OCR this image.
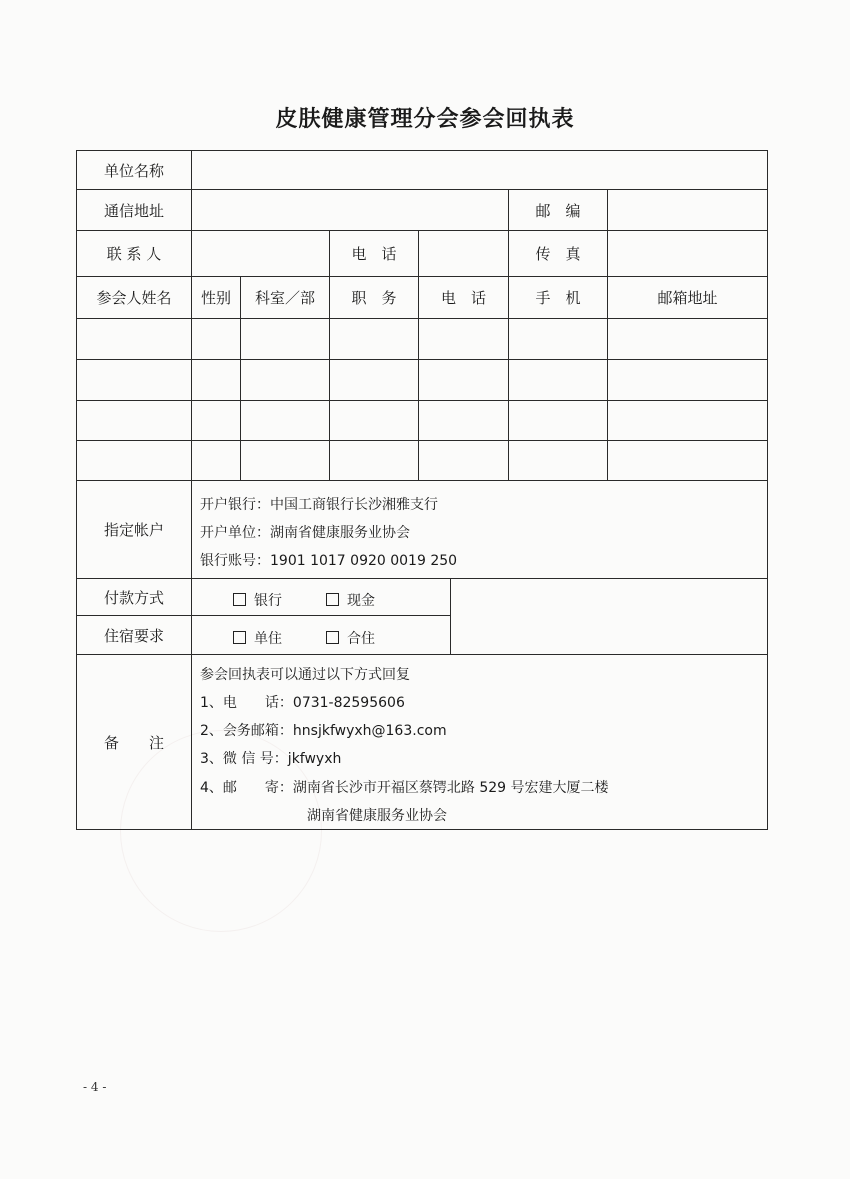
皮肤健康管理分会参会回执表
单位名称
通信地址	邮　编
联 系 人	电　话	传　真
参会人姓名	性别	科室／部	职　务	电　话	手　机	邮箱地址
指定帐户
开户银行：中国工商银行长沙湘雅支行
开户单位：湖南省健康服务业协会
银行账号：1901 1017 0920 0019 250
付款方式	银行	现金
住宿要求	单住	合住
备　　注
参会回执表可以通过以下方式回复
1、电　　话：0731-82595606
2、会务邮箱：hnsjkfwyxh@163.com
3、微 信 号：jkfwyxh
4、邮　　寄：湖南省长沙市开福区蔡锷北路 529 号宏建大厦二楼
湖南省健康服务业协会
- 4 -
